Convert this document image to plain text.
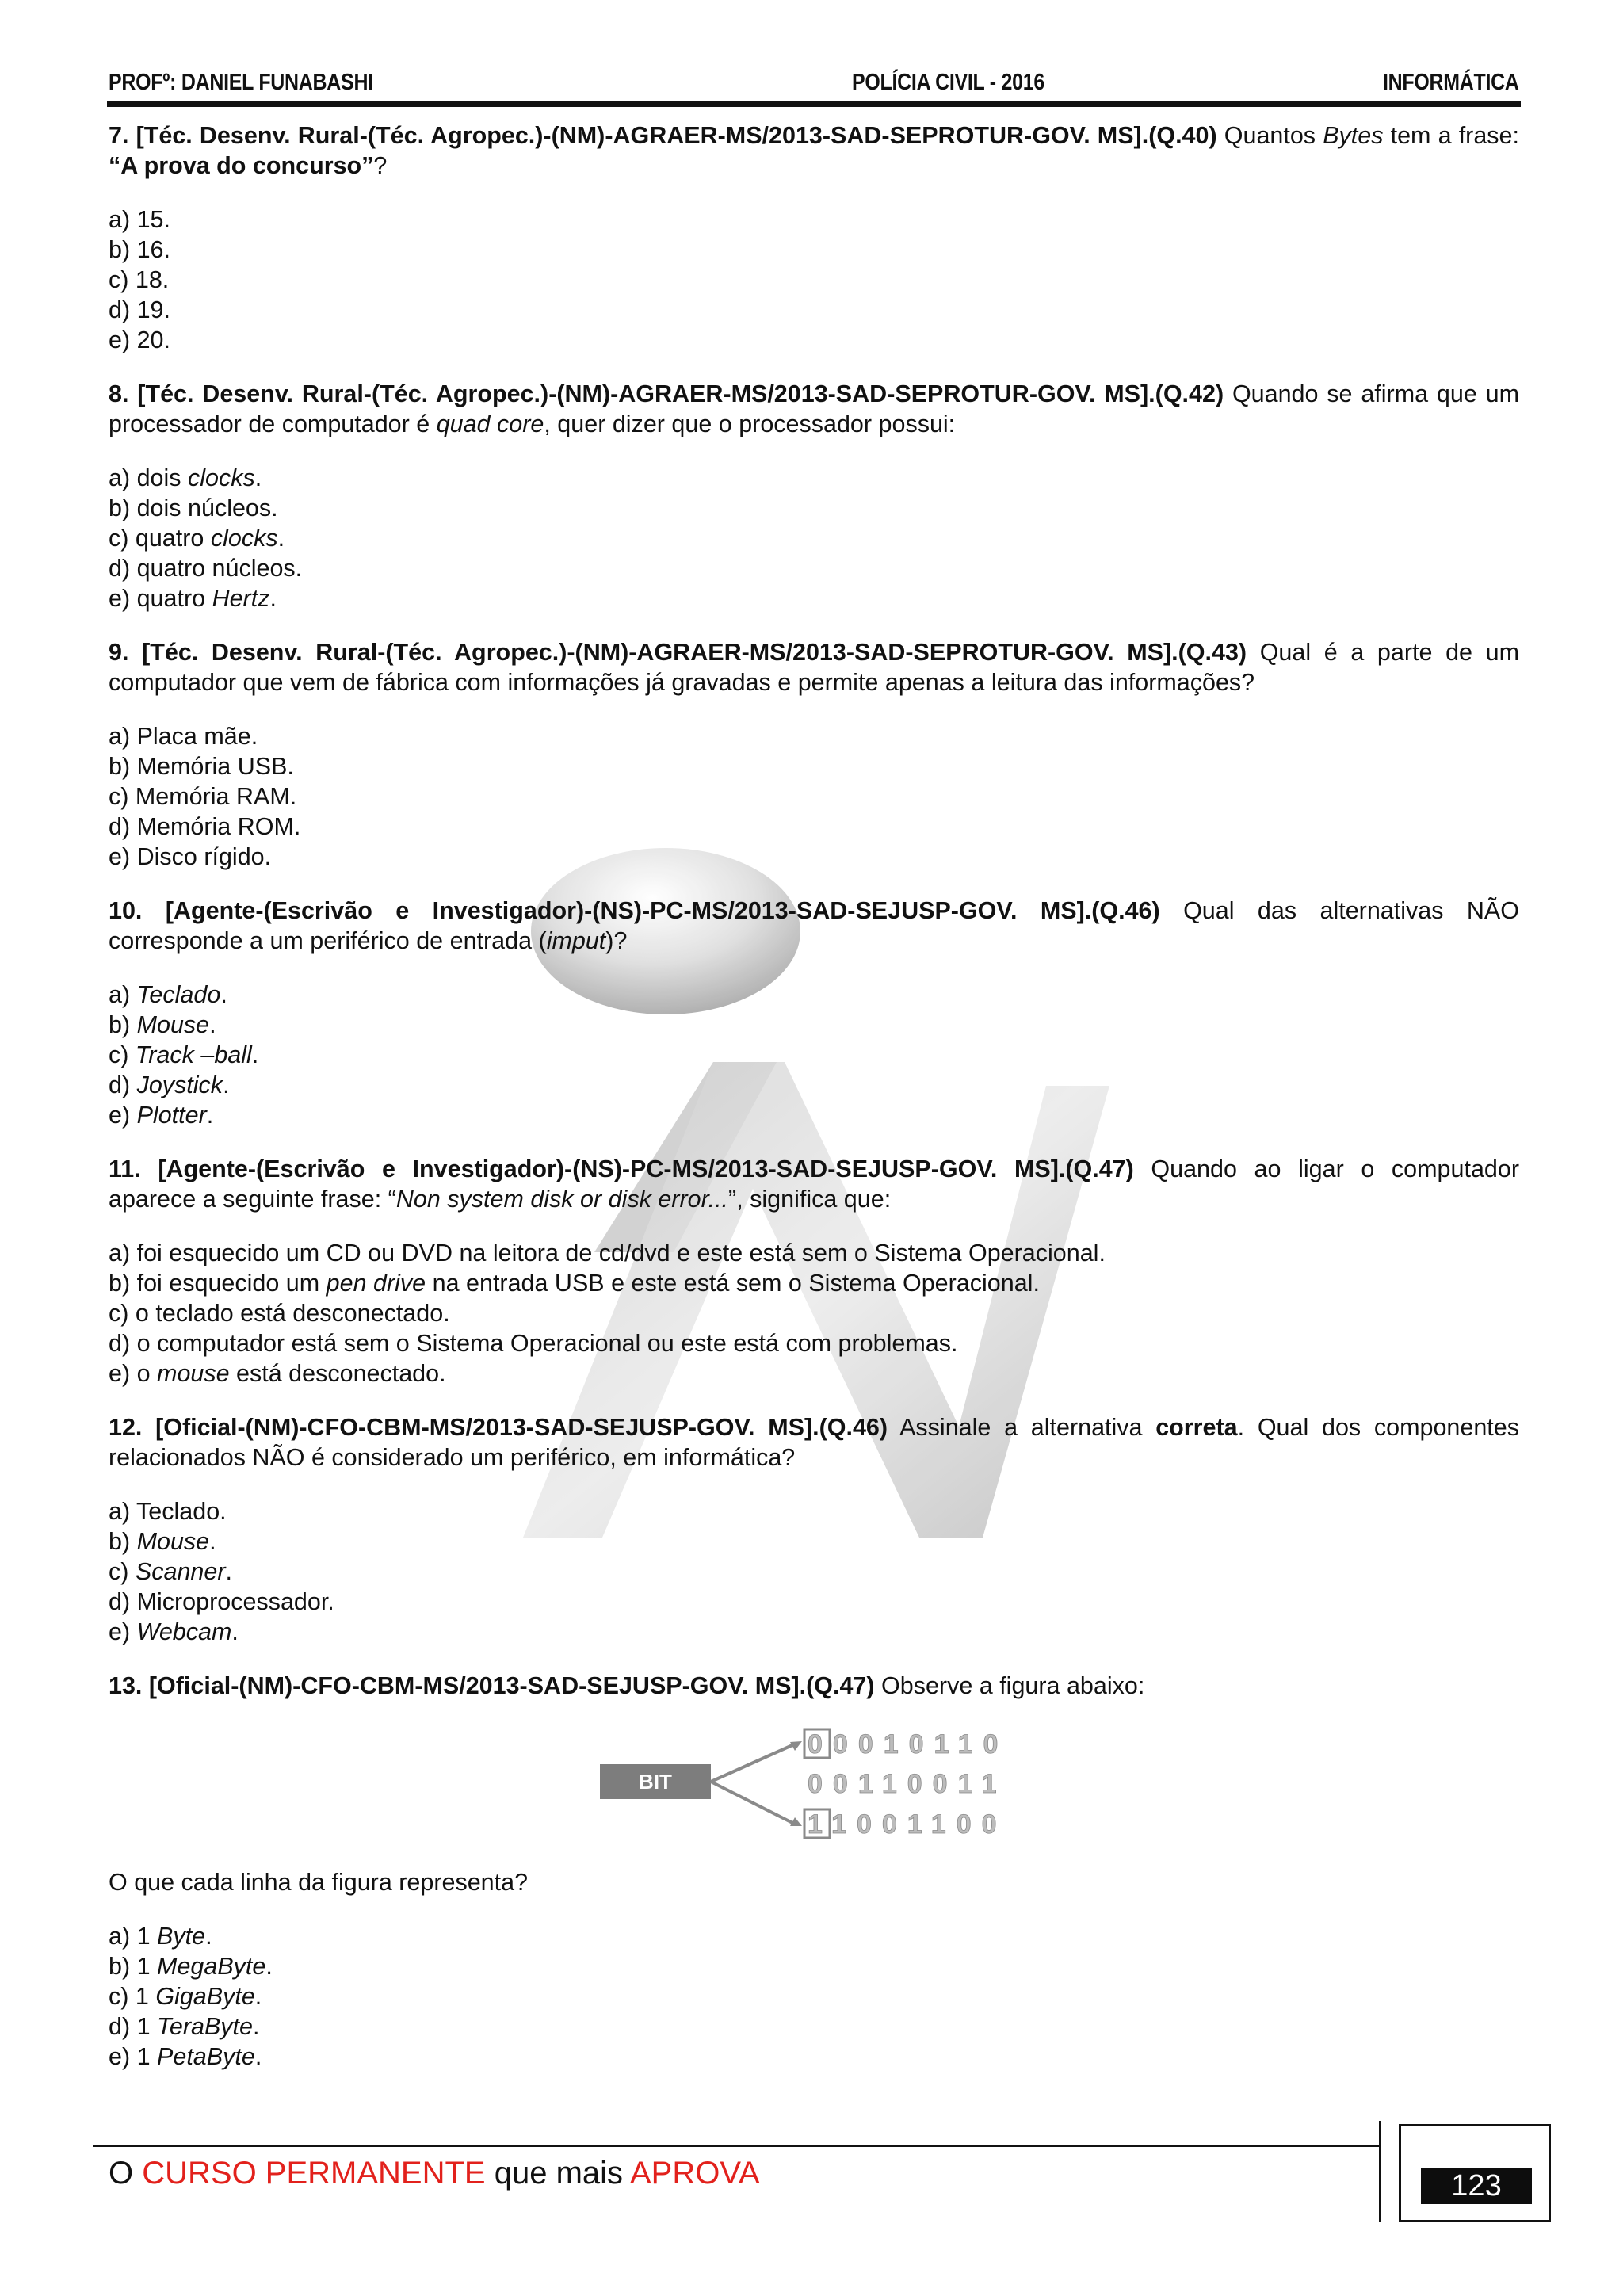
PROFº: DANIEL FUNABASHI	POLÍCIA CIVIL - 2016	INFORMÁTICA

7. [Téc. Desenv. Rural-(Téc. Agropec.)-(NM)-AGRAER-MS/2013-SAD-SEPROTUR-GOV. MS].(Q.40) Quantos Bytes tem a frase: “A prova do concurso”?

a) 15.
b) 16.
c) 18.
d) 19.
e) 20.

8. [Téc. Desenv. Rural-(Téc. Agropec.)-(NM)-AGRAER-MS/2013-SAD-SEPROTUR-GOV. MS].(Q.42) Quando se afirma que um processador de computador é quad core, quer dizer que o processador possui:

a) dois clocks.
b) dois núcleos.
c) quatro clocks.
d) quatro núcleos.
e) quatro Hertz.

9. [Téc. Desenv. Rural-(Téc. Agropec.)-(NM)-AGRAER-MS/2013-SAD-SEPROTUR-GOV. MS].(Q.43) Qual é a parte de um computador que vem de fábrica com informações já gravadas e permite apenas a leitura das informações?

a) Placa mãe.
b) Memória USB.
c) Memória RAM.
d) Memória ROM.
e) Disco rígido.

10. [Agente-(Escrivão e Investigador)-(NS)-PC-MS/2013-SAD-SEJUSP-GOV. MS].(Q.46) Qual das alternativas NÃO corresponde a um periférico de entrada (imput)?

a) Teclado.
b) Mouse.
c) Track –ball.
d) Joystick.
e) Plotter.

11. [Agente-(Escrivão e Investigador)-(NS)-PC-MS/2013-SAD-SEJUSP-GOV. MS].(Q.47) Quando ao ligar o computador aparece a seguinte frase: “Non system disk or disk error...”, significa que:

a) foi esquecido um CD ou DVD na leitora de cd/dvd e este está sem o Sistema Operacional.
b) foi esquecido um pen drive na entrada USB e este está sem o Sistema Operacional.
c) o teclado está desconectado.
d) o computador está sem o Sistema Operacional ou este está com problemas.
e) o mouse está desconectado.

12. [Oficial-(NM)-CFO-CBM-MS/2013-SAD-SEJUSP-GOV. MS].(Q.46) Assinale a alternativa correta. Qual dos componentes relacionados NÃO é considerado um periférico, em informática?

a) Teclado.
b) Mouse.
c) Scanner.
d) Microprocessador.
e) Webcam.

13. [Oficial-(NM)-CFO-CBM-MS/2013-SAD-SEJUSP-GOV. MS].(Q.47) Observe a figura abaixo:

BIT
00010110
00110011
11001100

O que cada linha da figura representa?

a) 1 Byte.
b) 1 MegaByte.
c) 1 GigaByte.
d) 1 TeraByte.
e) 1 PetaByte.
O CURSO PERMANENTE que mais APROVA	123
